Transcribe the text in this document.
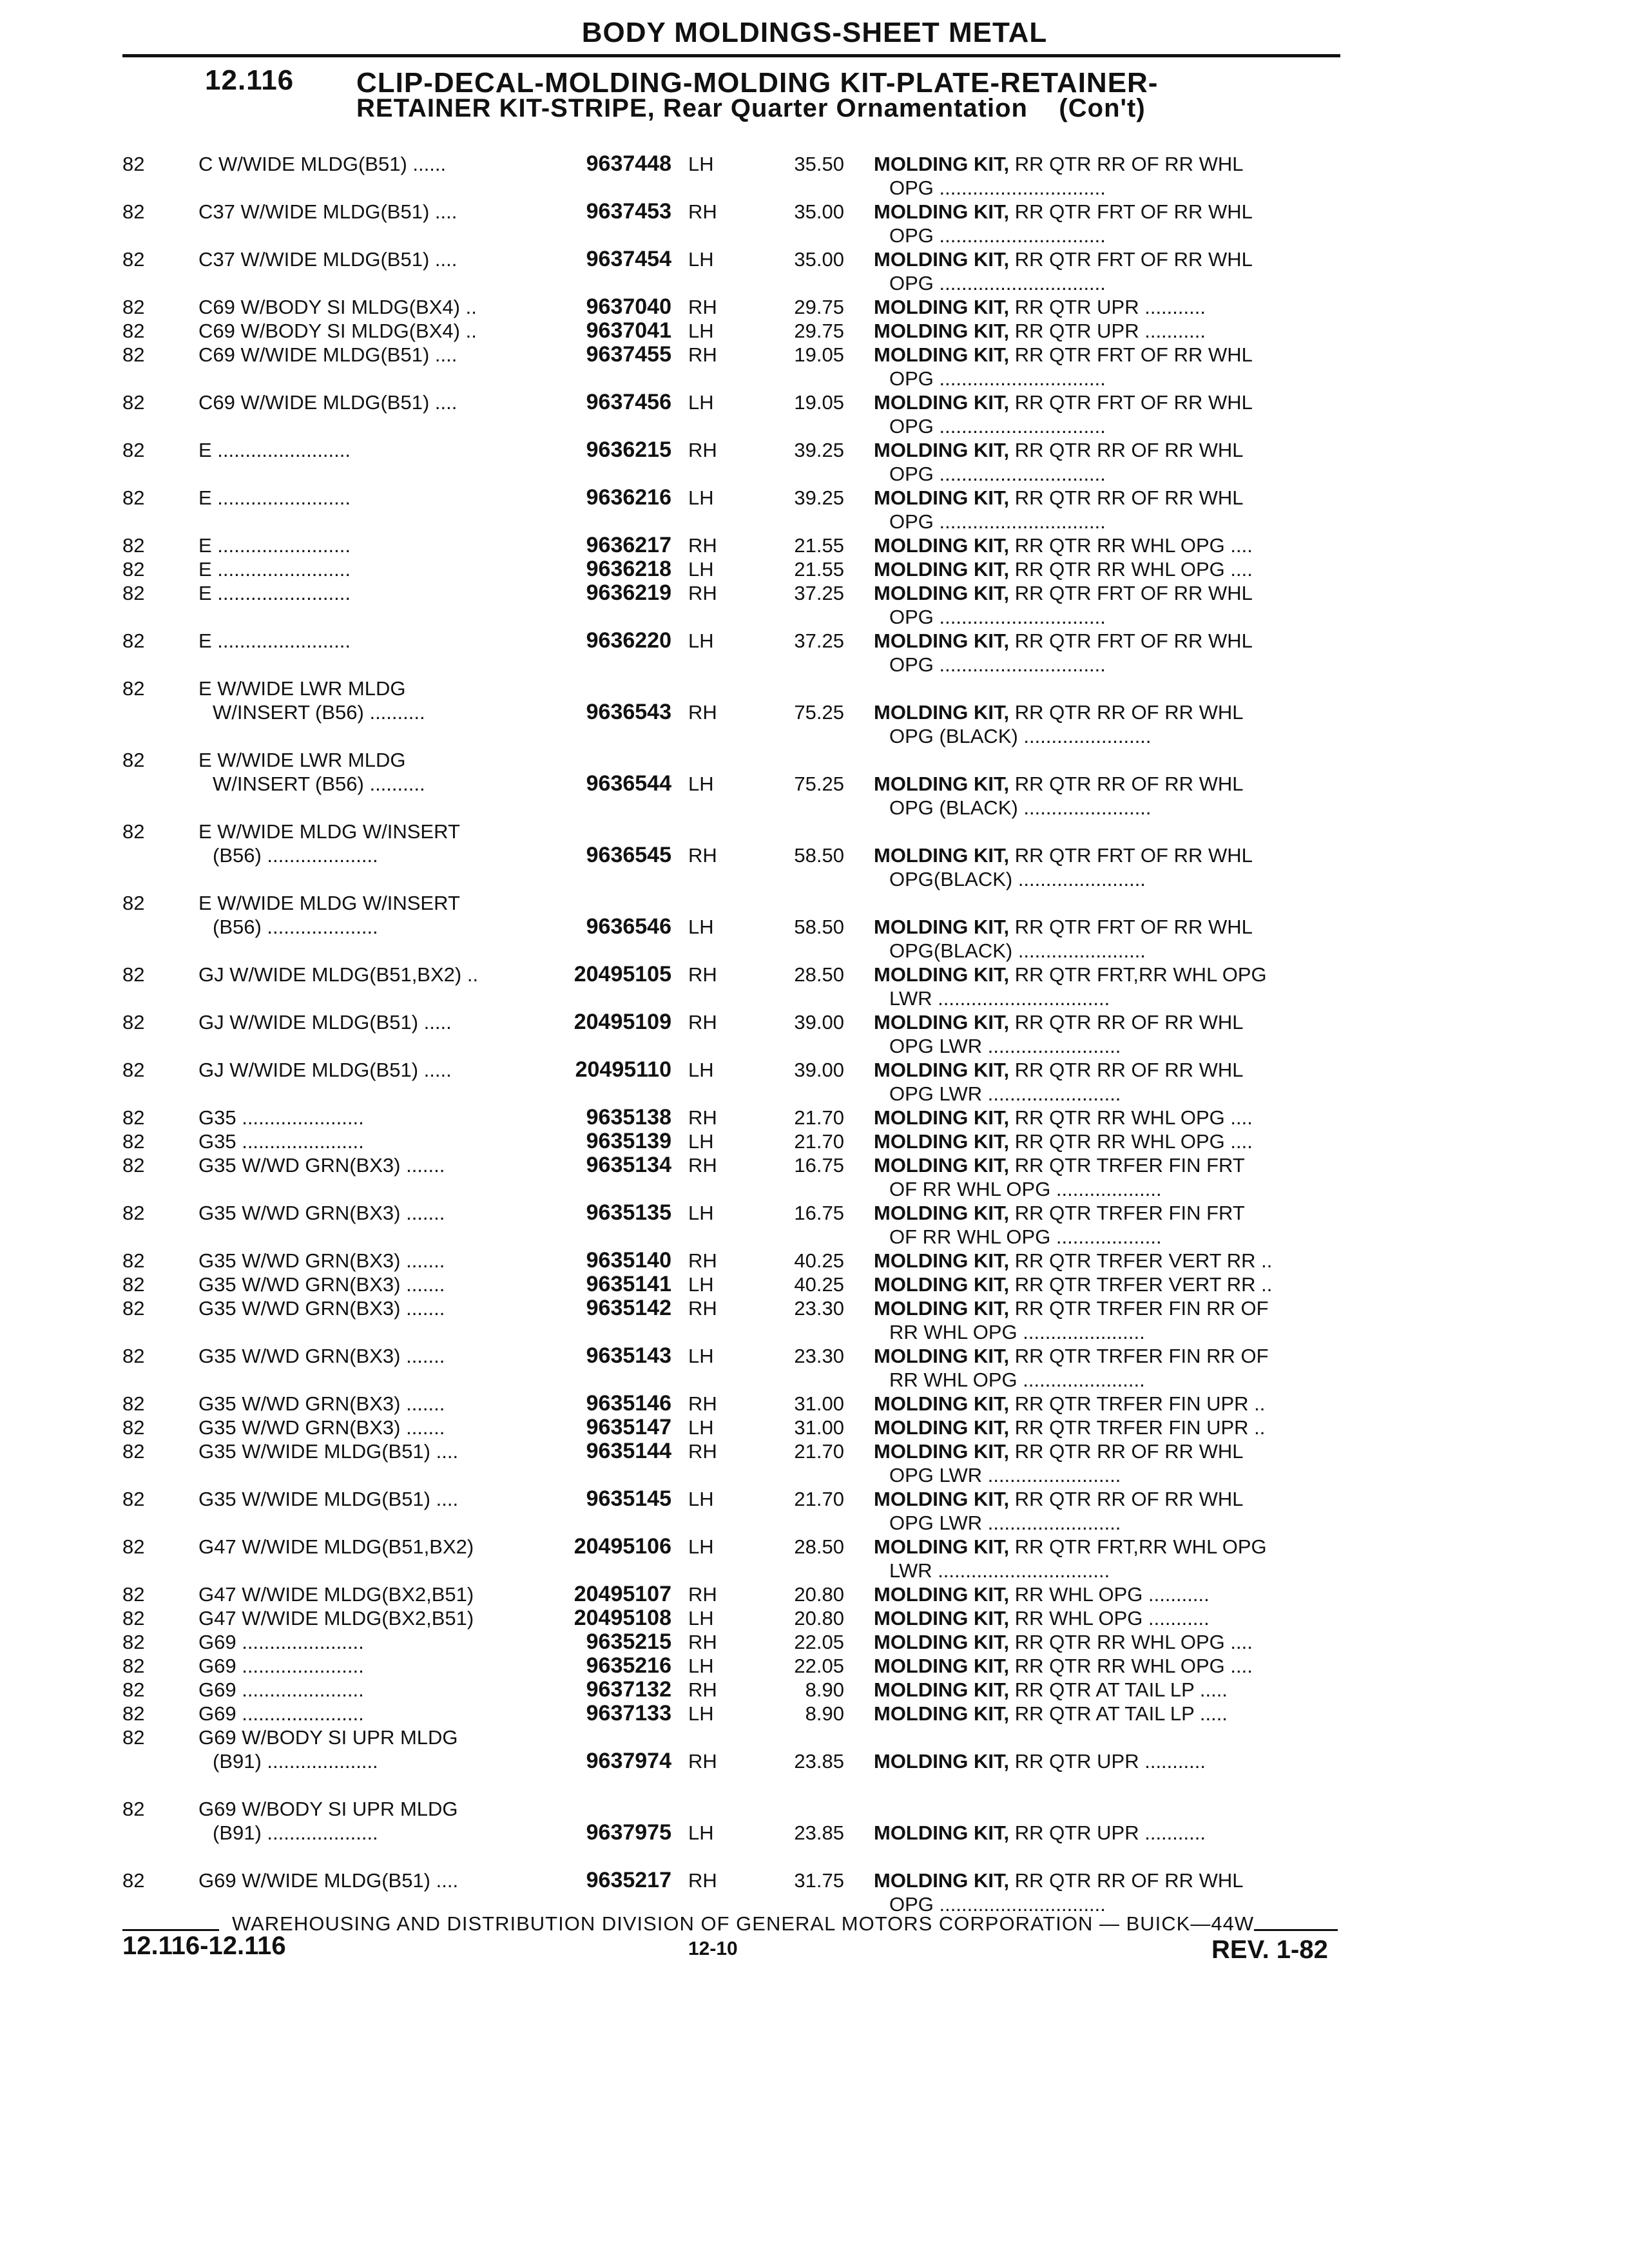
BODY MOLDINGS-SHEET METAL
12.116 CLIP-DECAL-MOLDING-MOLDING KIT-PLATE-RETAINER-
RETAINER KIT-STRIPE, Rear Quarter Ornamentation    (Con't)
82	C W/WIDE MLDG(B51) ......	9637448 LH	35.50 MOLDING KIT, RR QTR RR OF RR WHL
OPG ..............................
82	C37 W/WIDE MLDG(B51) ....	9637453 RH	35.00 MOLDING KIT, RR QTR FRT OF RR WHL
OPG ..............................
82	C37 W/WIDE MLDG(B51) ....	9637454 LH	35.00 MOLDING KIT, RR QTR FRT OF RR WHL
OPG ..............................
82	C69 W/BODY SI MLDG(BX4) ..	9637040 RH	29.75 MOLDING KIT, RR QTR UPR ...........
82	C69 W/BODY SI MLDG(BX4) ..	9637041 LH	29.75 MOLDING KIT, RR QTR UPR ...........
82	C69 W/WIDE MLDG(B51) ....	9637455 RH	19.05 MOLDING KIT, RR QTR FRT OF RR WHL
OPG ..............................
82	C69 W/WIDE MLDG(B51) ....	9637456 LH	19.05 MOLDING KIT, RR QTR FRT OF RR WHL
OPG ..............................
82	E ........................	9636215 RH	39.25 MOLDING KIT, RR QTR RR OF RR WHL
OPG ..............................
82	E ........................	9636216 LH	39.25 MOLDING KIT, RR QTR RR OF RR WHL
OPG ..............................
82	E ........................	9636217 RH	21.55 MOLDING KIT, RR QTR RR WHL OPG ....
82	E ........................	9636218 LH	21.55 MOLDING KIT, RR QTR RR WHL OPG ....
82	E ........................	9636219 RH	37.25 MOLDING KIT, RR QTR FRT OF RR WHL
OPG ..............................
82	E ........................	9636220 LH	37.25 MOLDING KIT, RR QTR FRT OF RR WHL
OPG ..............................
82	E W/WIDE LWR MLDG
W/INSERT (B56) ..........	9636543 RH	75.25 MOLDING KIT, RR QTR RR OF RR WHL
OPG (BLACK) .......................
82	E W/WIDE LWR MLDG
W/INSERT (B56) ..........	9636544 LH	75.25 MOLDING KIT, RR QTR RR OF RR WHL
OPG (BLACK) .......................
82	E W/WIDE MLDG W/INSERT
(B56) ....................	9636545 RH	58.50 MOLDING KIT, RR QTR FRT OF RR WHL
OPG(BLACK) .......................
82	E W/WIDE MLDG W/INSERT
(B56) ....................	9636546 LH	58.50 MOLDING KIT, RR QTR FRT OF RR WHL
OPG(BLACK) .......................
82	GJ W/WIDE MLDG(B51,BX2) ..	20495105 RH	28.50 MOLDING KIT, RR QTR FRT,RR WHL OPG
LWR ...............................
82	GJ W/WIDE MLDG(B51) .....	20495109 RH	39.00 MOLDING KIT, RR QTR RR OF RR WHL
OPG LWR ........................
82	GJ W/WIDE MLDG(B51) .....	20495110 LH	39.00 MOLDING KIT, RR QTR RR OF RR WHL
OPG LWR ........................
82	G35 ......................	9635138 RH	21.70 MOLDING KIT, RR QTR RR WHL OPG ....
82	G35 ......................	9635139 LH	21.70 MOLDING KIT, RR QTR RR WHL OPG ....
82	G35 W/WD GRN(BX3) .......	9635134 RH	16.75 MOLDING KIT, RR QTR TRFER FIN FRT
OF RR WHL OPG ...................
82	G35 W/WD GRN(BX3) .......	9635135 LH	16.75 MOLDING KIT, RR QTR TRFER FIN FRT
OF RR WHL OPG ...................
82	G35 W/WD GRN(BX3) .......	9635140 RH	40.25 MOLDING KIT, RR QTR TRFER VERT RR ..
82	G35 W/WD GRN(BX3) .......	9635141 LH	40.25 MOLDING KIT, RR QTR TRFER VERT RR ..
82	G35 W/WD GRN(BX3) .......	9635142 RH	23.30 MOLDING KIT, RR QTR TRFER FIN RR OF
RR WHL OPG ......................
82	G35 W/WD GRN(BX3) .......	9635143 LH	23.30 MOLDING KIT, RR QTR TRFER FIN RR OF
RR WHL OPG ......................
82	G35 W/WD GRN(BX3) .......	9635146 RH	31.00 MOLDING KIT, RR QTR TRFER FIN UPR ..
82	G35 W/WD GRN(BX3) .......	9635147 LH	31.00 MOLDING KIT, RR QTR TRFER FIN UPR ..
82	G35 W/WIDE MLDG(B51) ....	9635144 RH	21.70 MOLDING KIT, RR QTR RR OF RR WHL
OPG LWR ........................
82	G35 W/WIDE MLDG(B51) ....	9635145 LH	21.70 MOLDING KIT, RR QTR RR OF RR WHL
OPG LWR ........................
82	G47 W/WIDE MLDG(B51,BX2)	20495106 LH	28.50 MOLDING KIT, RR QTR FRT,RR WHL OPG
LWR ...............................
82	G47 W/WIDE MLDG(BX2,B51)	20495107 RH	20.80 MOLDING KIT, RR WHL OPG ...........
82	G47 W/WIDE MLDG(BX2,B51)	20495108 LH	20.80 MOLDING KIT, RR WHL OPG ...........
82	G69 ......................	9635215 RH	22.05 MOLDING KIT, RR QTR RR WHL OPG ....
82	G69 ......................	9635216 LH	22.05 MOLDING KIT, RR QTR RR WHL OPG ....
82	G69 ......................	9637132 RH	8.90 MOLDING KIT, RR QTR AT TAIL LP .....
82	G69 ......................	9637133 LH	8.90 MOLDING KIT, RR QTR AT TAIL LP .....
82	G69 W/BODY SI UPR MLDG
(B91) ....................	9637974 RH	23.85 MOLDING KIT, RR QTR UPR ...........
82	G69 W/BODY SI UPR MLDG
(B91) ....................	9637975 LH	23.85 MOLDING KIT, RR QTR UPR ...........
82	G69 W/WIDE MLDG(B51) ....	9635217 RH	31.75 MOLDING KIT, RR QTR RR OF RR WHL
OPG ..............................
WAREHOUSING AND DISTRIBUTION DIVISION OF GENERAL MOTORS CORPORATION — BUICK—44W
12.116-12.116	12-10	REV. 1-82
